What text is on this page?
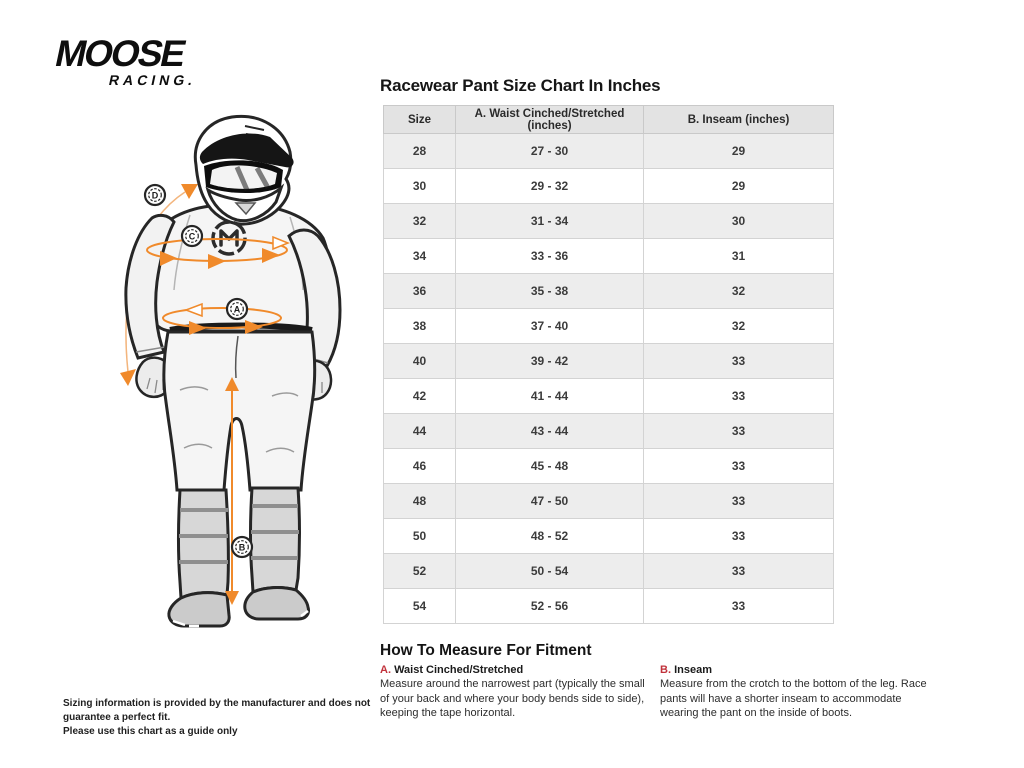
MOOSE
RACING.
D
C
A
B
Racewear Pant Size Chart In Inches
Size	A. Waist Cinched/Stretched (inches)	B. Inseam (inches)
28	27 - 30	29
30	29 - 32	29
32	31 - 34	30
34	33 - 36	31
36	35 - 38	32
38	37 - 40	32
40	39 - 42	33
42	41 - 44	33
44	43 - 44	33
46	45 - 48	33
48	47 - 50	33
50	48 - 52	33
52	50 - 54	33
54	52 - 56	33
How To Measure For Fitment
A. Waist Cinched/Stretched
Measure around the narrowest part (typically the small of your back and where your body bends side to side), keeping the tape horizontal.
B. Inseam
Measure from the crotch to the bottom of the leg. Race pants will have a shorter inseam to accommodate wearing the pant on the inside of boots.
Sizing information is provided by the manufacturer and does not guarantee a perfect fit.
Please use this chart as a guide only
